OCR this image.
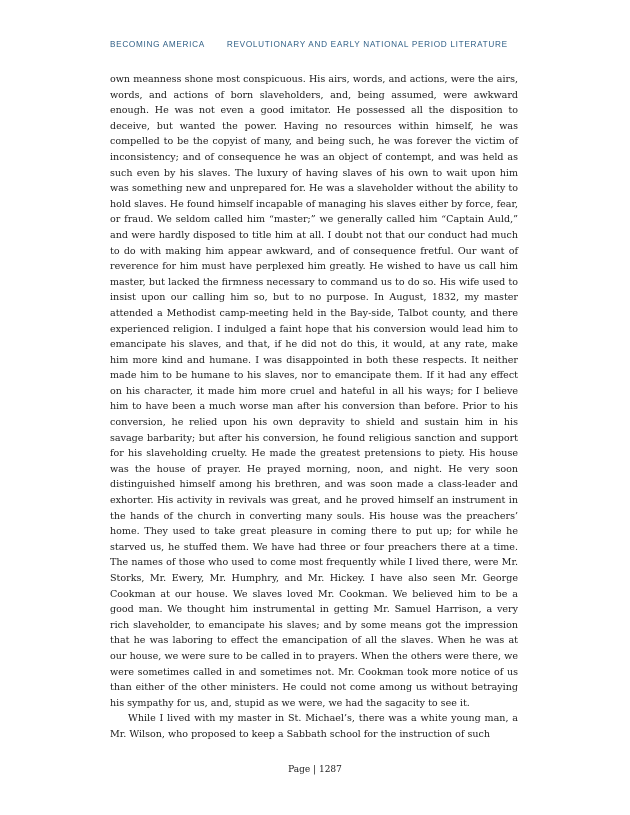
BECOMING AMERICA	REVOLUTIONARY AND EARLY NATIONAL PERIOD LITERATURE

own meanness shone most conspicuous. His airs, words, and actions, were the airs, words, and actions of born slaveholders, and, being assumed, were awkward enough. He was not even a good imitator. He possessed all the disposition to deceive, but wanted the power. Having no resources within himself, he was compelled to be the copyist of many, and being such, he was forever the victim of inconsistency; and of consequence he was an object of contempt, and was held as such even by his slaves. The luxury of having slaves of his own to wait upon him was something new and unprepared for. He was a slaveholder without the ability to hold slaves. He found himself incapable of managing his slaves either by force, fear, or fraud. We seldom called him “master;” we generally called him “Captain Auld,” and were hardly disposed to title him at all. I doubt not that our conduct had much to do with making him appear awkward, and of consequence fretful. Our want of reverence for him must have perplexed him greatly. He wished to have us call him master, but lacked the firmness necessary to command us to do so. His wife used to insist upon our calling him so, but to no purpose. In August, 1832, my master attended a Methodist camp-meeting held in the Bay-side, Talbot county, and there experienced religion. I indulged a faint hope that his conversion would lead him to emancipate his slaves, and that, if he did not do this, it would, at any rate, make him more kind and humane. I was disappointed in both these respects. It neither made him to be humane to his slaves, nor to emancipate them. If it had any effect on his character, it made him more cruel and hateful in all his ways; for I believe him to have been a much worse man after his conversion than before. Prior to his conversion, he relied upon his own depravity to shield and sustain him in his savage barbarity; but after his conversion, he found religious sanction and support for his slaveholding cruelty. He made the greatest pretensions to piety. His house was the house of prayer. He prayed morning, noon, and night. He very soon distinguished himself among his brethren, and was soon made a class-leader and exhorter. His activity in revivals was great, and he proved himself an instrument in the hands of the church in converting many souls. His house was the preachers’ home. They used to take great pleasure in coming there to put up; for while he starved us, he stuffed them. We have had three or four preachers there at a time. The names of those who used to come most frequently while I lived there, were Mr. Storks, Mr. Ewery, Mr. Humphry, and Mr. Hickey. I have also seen Mr. George Cookman at our house. We slaves loved Mr. Cookman. We believed him to be a good man. We thought him instrumental in getting Mr. Samuel Harrison, a very rich slaveholder, to emancipate his slaves; and by some means got the impression that he was laboring to effect the emancipation of all the slaves. When he was at our house, we were sure to be called in to prayers. When the others were there, we were sometimes called in and sometimes not. Mr. Cookman took more notice of us than either of the other ministers. He could not come among us without betraying his sympathy for us, and, stupid as we were, we had the sagacity to see it.

While I lived with my master in St. Michael’s, there was a white young man, a Mr. Wilson, who proposed to keep a Sabbath school for the instruction of such

Page | 1287
